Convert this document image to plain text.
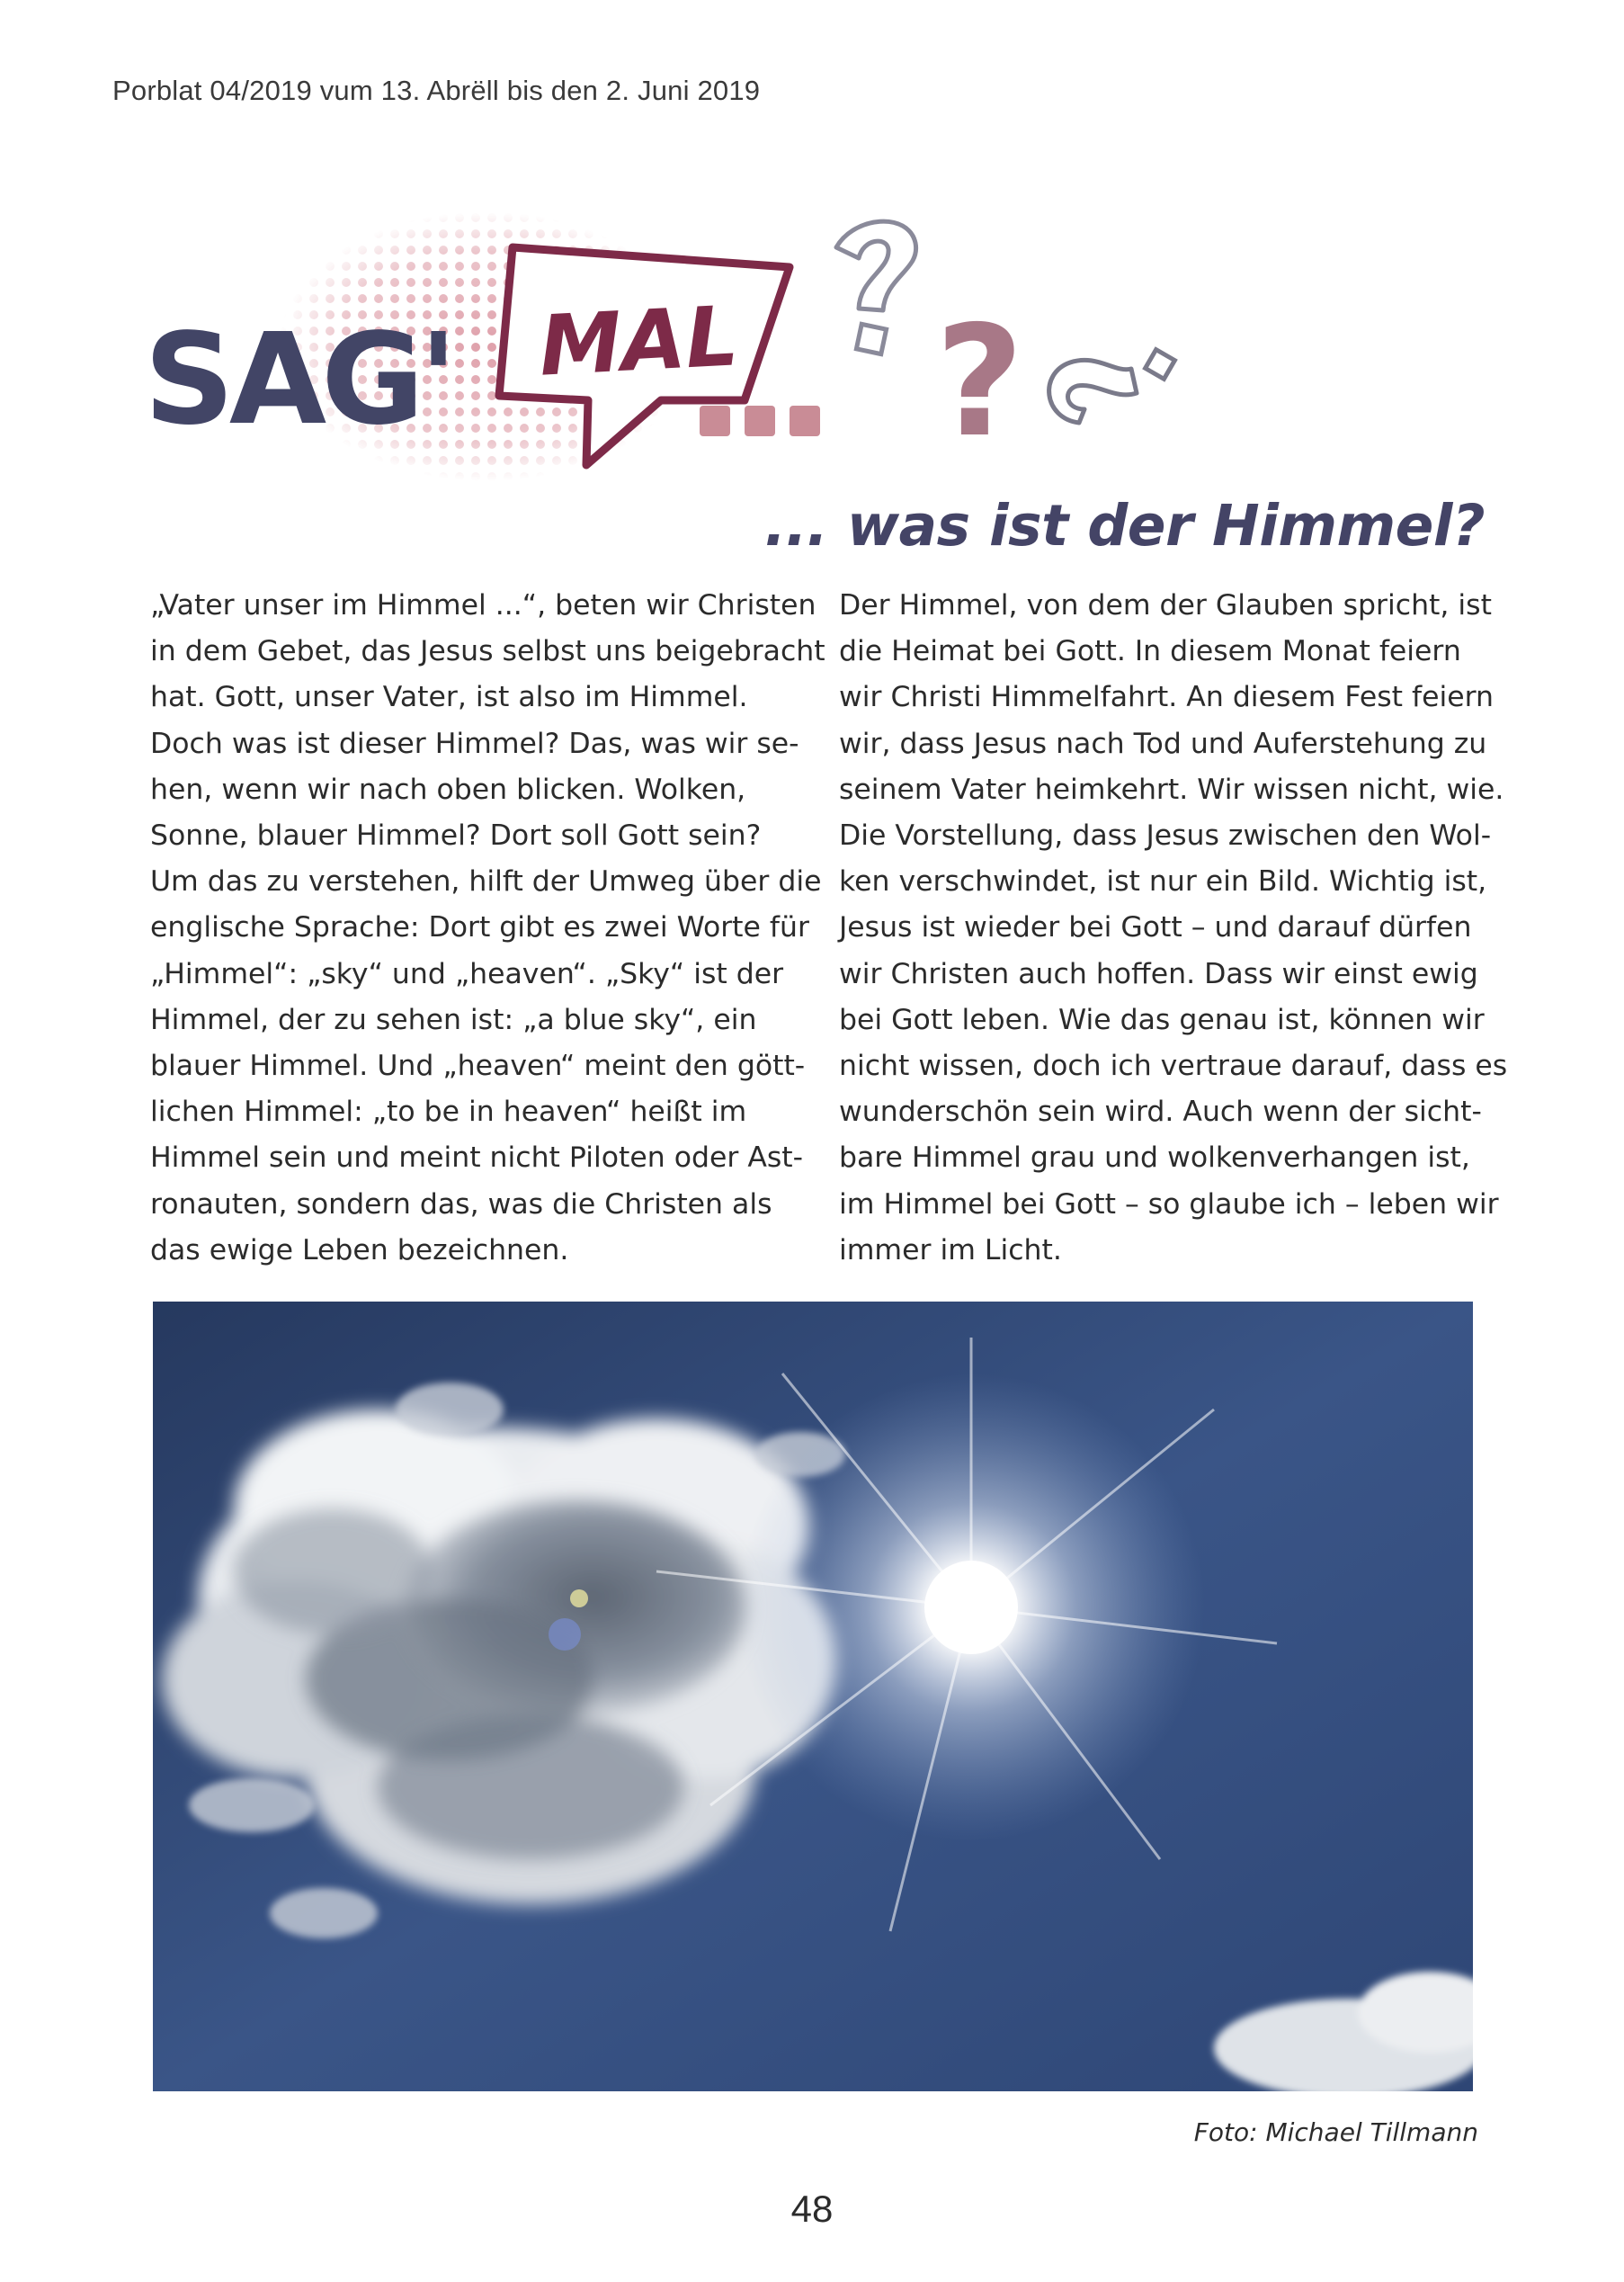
Porblat 04/2019 vum 13. Abrëll bis den 2. Juni 2019
SAG' MAL ?
... was ist der Himmel?
„Vater unser im Himmel ...“, beten wir Christen
in dem Gebet, das Jesus selbst uns beigebracht
hat. Gott, unser Vater, ist also im Himmel.
Doch was ist dieser Himmel? Das, was wir se-
hen, wenn wir nach oben blicken. Wolken,
Sonne, blauer Himmel? Dort soll Gott sein?
Um das zu verstehen, hilft der Umweg über die
englische Sprache: Dort gibt es zwei Worte für
„Himmel“: „sky“ und „heaven“. „Sky“ ist der
Himmel, der zu sehen ist: „a blue sky“, ein
blauer Himmel. Und „heaven“ meint den gött-
lichen Himmel: „to be in heaven“ heißt im
Himmel sein und meint nicht Piloten oder Ast-
ronauten, sondern das, was die Christen als
das ewige Leben bezeichnen.
Der Himmel, von dem der Glauben spricht, ist
die Heimat bei Gott. In diesem Monat feiern
wir Christi Himmelfahrt. An diesem Fest feiern
wir, dass Jesus nach Tod und Auferstehung zu
seinem Vater heimkehrt. Wir wissen nicht, wie.
Die Vorstellung, dass Jesus zwischen den Wol-
ken verschwindet, ist nur ein Bild. Wichtig ist,
Jesus ist wieder bei Gott – und darauf dürfen
wir Christen auch hoffen. Dass wir einst ewig
bei Gott leben. Wie das genau ist, können wir
nicht wissen, doch ich vertraue darauf, dass es
wunderschön sein wird. Auch wenn der sicht-
bare Himmel grau und wolkenverhangen ist,
im Himmel bei Gott – so glaube ich – leben wir
immer im Licht.
Foto: Michael Tillmann
48
